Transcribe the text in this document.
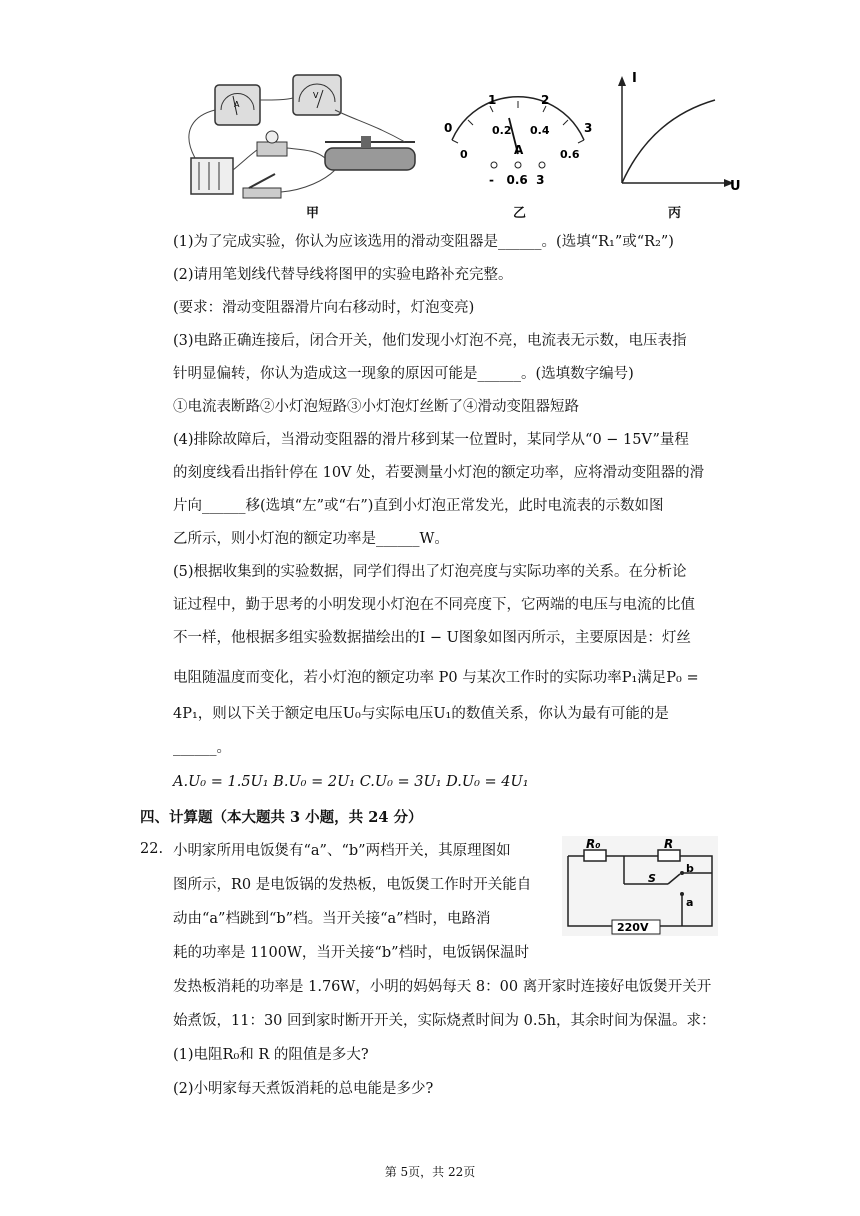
A
V
甲
0
1	2
3
0
0.2 0.4
0.6
A
-   0.6  3
乙
I
U
丙
(1)为了完成实验，你认为应该选用的滑动变阻器是______。(选填“R₁”或“R₂”)
(2)请用笔划线代替导线将图甲的实验电路补充完整。
(要求：滑动变阻器滑片向右移动时，灯泡变亮)
(3)电路正确连接后，闭合开关，他们发现小灯泡不亮，电流表无示数，电压表指
针明显偏转，你认为造成这一现象的原因可能是______。(选填数字编号)
①电流表断路②小灯泡短路③小灯泡灯丝断了④滑动变阻器短路
(4)排除故障后，当滑动变阻器的滑片移到某一位置时，某同学从“0 − 15V”量程
的刻度线看出指针停在 10V 处，若要测量小灯泡的额定功率，应将滑动变阻器的滑
片向______移(选填“左”或“右”)直到小灯泡正常发光，此时电流表的示数如图
乙所示，则小灯泡的额定功率是______W。
(5)根据收集到的实验数据，同学们得出了灯泡亮度与实际功率的关系。在分析论
证过程中，勤于思考的小明发现小灯泡在不同亮度下，它两端的电压与电流的比值
不一样，他根据多组实验数据描绘出的I − U图象如图丙所示，主要原因是：灯丝
电阻随温度而变化，若小灯泡的额定功率 P0 与某次工作时的实际功率P₁满足P₀ =
4P₁，则以下关于额定电压U₀与实际电压U₁的数值关系，你认为最有可能的是
______。
A.U₀ = 1.5U₁ B.U₀ = 2U₁ C.U₀ = 3U₁ D.U₀ = 4U₁
四、计算题（本大题共 3 小题，共 24 分）
22. 小明家所用电饭煲有“a”、“b”两档开关，其原理图如
图所示，R0 是电饭锅的发热板，电饭煲工作时开关能自
动由“a”档跳到“b”档。当开关接“a”档时，电路消
耗的功率是 1100W，当开关接“b”档时，电饭锅保温时
发热板消耗的功率是 1.76W，小明的妈妈每天 8：00 离开家时连接好电饭煲开关开
始煮饭，11：30 回到家时断开开关，实际烧煮时间为 0.5h，其余时间为保温。求：
(1)电阻R₀和 R 的阻值是多大?
(2)小明家每天煮饭消耗的总电能是多少?
R₀	R
S
b
a
220V
第 5页，共 22页
